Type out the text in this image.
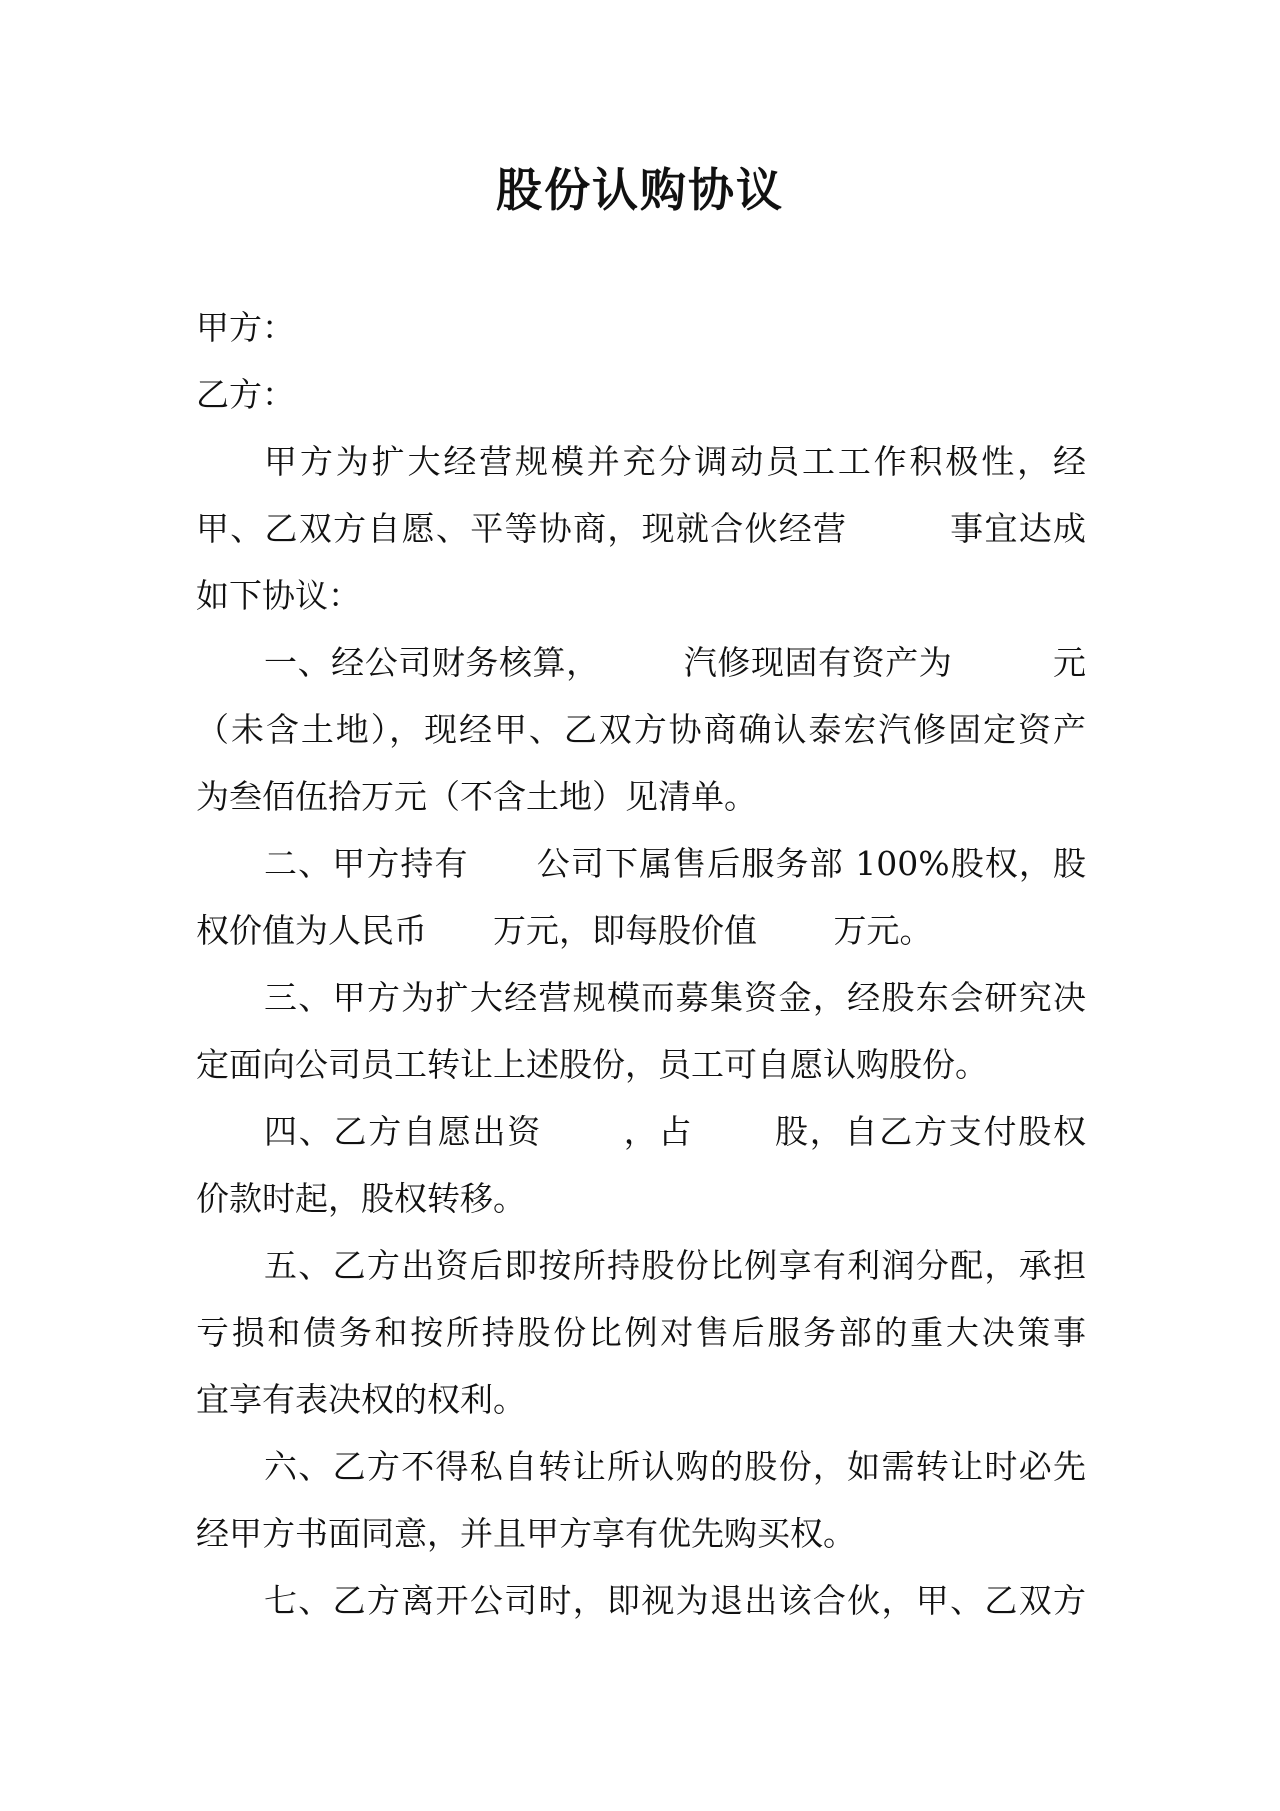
股份认购协议
甲方：
乙方：
甲方为扩大经营规模并充分调动员工工作积极性，经
甲、乙双方自愿、平等协商，现就合伙经营　　　事宜达成
如下协议：
一、经公司财务核算，　　　汽修现固有资产为　　　元
（未含土地），现经甲、乙双方协商确认泰宏汽修固定资产
为叁佰伍拾万元（不含土地）见清单。
二、甲方持有　　公司下属售后服务部 100%股权，股
权价值为人民币　　万元，即每股价值　　 万元。
三、甲方为扩大经营规模而募集资金，经股东会研究决
定面向公司员工转让上述股份，员工可自愿认购股份。
四、乙方自愿出资　　 ，占　　 股，自乙方支付股权
价款时起，股权转移。
五、乙方出资后即按所持股份比例享有利润分配，承担
亏损和债务和按所持股份比例对售后服务部的重大决策事
宜享有表决权的权利。
六、乙方不得私自转让所认购的股份，如需转让时必先
经甲方书面同意，并且甲方享有优先购买权。
七、乙方离开公司时，即视为退出该合伙，甲、乙双方
